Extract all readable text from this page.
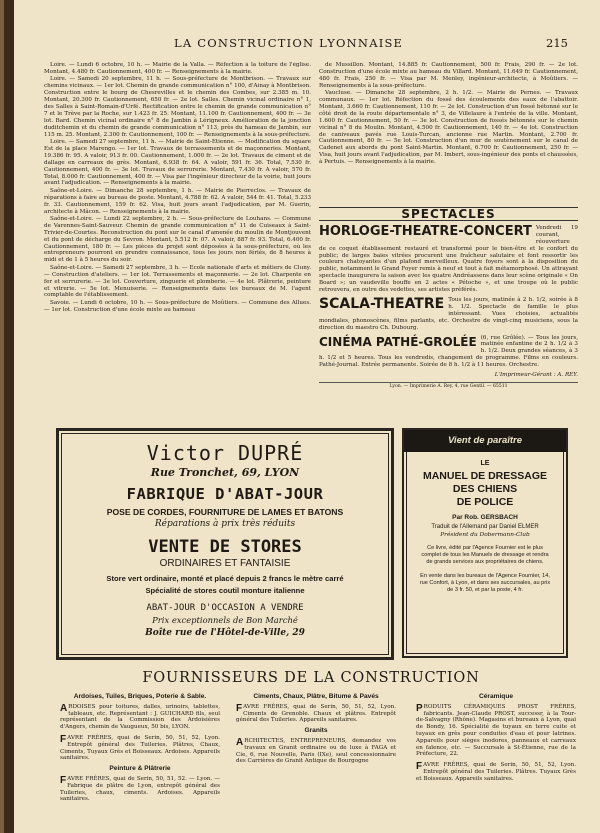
LA CONSTRUCTION LYONNAISE	215

Loire. — Lundi 6 octobre, 10 h. — Mairie de la Valla. — Réfection à la toiture de l'église. Montant, 4.480 fr. Cautionnement, 400 fr. — Renseignements à la mairie.

Loire. — Samedi 20 septembre, 11 h. — Sous-préfecture de Montbrison. — Travaux sur chemins vicinaux. — 1er lot. Chemin de grande communication n° 100, d'Ainay à Montbrison. Construction entre le bourg de Chesrevilles et le chemin des Combes, sur 2.385 m. 10. Montant, 20.300 fr. Cautionnement, 650 fr. — 2e lot. Salles. Chemin vicinal ordinaire n° 1, des Salles à Saint-Romain-d'Urfé. Rectification entre le chemin de grande communication n° 7 et le Trève par la Roche, sur 1.423 fr. 25. Montant, 11.100 fr. Cautionnement, 400 fr. — 3e lot. Bard. Chemin vicinal ordinaire n° 8 de Jambin à Lérigneux. Amélioration de la jonction duditchemin et du chemin de grande communication n° 113, près du hameau de Jambin, sur 115 m. 25. Montant, 2.300 fr. Cautionnement, 100 fr. — Renseignements à la sous-préfecture.

Loire. — Samedi 27 septembre, 11 h. — Mairie de Saint-Etienne. — Modification du square Est de la place Marengo. — 1er lot. Travaux de terrassements et de maçonneries. Montant, 19.386 fr. 95. A valoir, 913 fr. 00. Cautionnement, 1.000 fr. — 2e lot. Travaux de ciment et de dallage en carreaux de grès. Montant, 6.938 fr. 64. A valoir, 591 fr. 36. Total, 7.530 fr. Cautionnement, 400 fr. — 3e lot. Travaux de serrurerie. Montant, 7.430 fr. A valoir, 570 fr. Total, 8.000 fr. Cautionnement, 400 fr. — Visa par l'ingénieur directeur de la voirie, huit jours avant l'adjudication. — Renseignements à la mairie.

Saône-et-Loire. — Dimanche 28 septembre, 1 h. — Mairie de Pierreclos. — Travaux de réparations à faire au bureau de poste. Montant, 4.788 fr. 62. A valoir, 544 fr. 41. Total, 5.233 fr. 33. Cautionnement, 159 fr. 62. Visa, huit jours avant l'adjudication, par M. Guerin, architecte à Mâcon. — Renseignements à la mairie.

Saône-et-Loire. — Lundi 22 septembre, 2 h. — Sous-préfecture de Louhans. — Commune de Varennes-Saint-Sauveur. Chemin de grande communication n° 11 de Cuiseaux à Saint-Trivier-de-Courtes. Reconstruction du pont sur le canal d'amenée du moulin de Montjouvent et du pont de décharge du Sevron. Montant, 5.512 fr. 07. A valoir, 887 fr. 93. Total, 6.400 fr. Cautionnement, 180 fr. — Les pièces du projet sont déposées à la sous-préfecture, où les entrepreneurs pourront en prendre connaissance, tous les jours non fériés, de 8 heures à midi et de 1 à 5 heures du soir.

Saône-et-Loire. — Samedi 27 septembre, 3 h. — Ecole nationale d'arts et métiers de Cluny. — Construction d'ateliers. — 1er lot. Terrassements et maçonnerie. — 2e lot. Charpente en fer et serrurerie. — 3e lot. Couverture, zinguerie et plomberie. — 4e lot. Plâtrerie, peinture et vitrerie. — 5e lot. Menuiserie. — Renseignements dans les bureaux de M. l'agent comptable de l'établissement.

Savoie. — Lundi 6 octobre, 10 h. — Sous-préfecture de Moûtiers. — Commune des Allues. — 1er lot. Construction d'une école mixte au hameau

de Mussillon. Montant, 14.885 fr. Cautionnement, 500 fr. Frais, 290 fr. — 2e lot. Construction d'une école mixte au hameau du Villard. Montant, 11.649 fr. Cautionnement, 480 fr. Frais, 250 fr. — Visa par M. Menley, ingénieur-architecte, à Moûtiers. — Renseignements à la sous-préfecture.

Vaucluse. — Dimanche 28 septembre, 2 h. 1/2. — Mairie de Pernes. — Travaux communaux. — 1er lot. Réfection du fossé des écoulements des eaux de l'abattoir. Montant, 3.660 fr. Cautionnement, 110 fr. — 2e lot. Construction d'un fossé bétonné sur le côté droit de la route départementale n° 3, de Villelaure à l'entrée de la ville. Montant, 1.600 fr. Cautionnement, 50 fr. — 3e lot. Construction de fossés bétonnés sur le chemin vicinal n° 8 du Moulin. Montant, 4.500 fr. Cautionnement, 140 fr. — 4e lot. Construction de caniveaux pavés rue Louis-Turcan, ancienne rue Martin. Montant, 2.700 fr. Cautionnement, 80 fr. — 5e lot. Construction d'un mur de soutènement sur le canal de Cadenet aux abords du pont Saint-Martin. Montant, 6.700 fr. Cautionnement, 250 fr. — Visa, huit jours avant l'adjudication, par M. Imbert, sous-ingénieur des ponts et chaussées, à Pertuis. — Renseignements à la mairie.

SPECTACLES
HORLOGE-THEATRE-CONCERT Vendredi 19 courant, réouverture de ce coquet établissement restauré et transformé pour le bien-être et le confort du public; de larges baies vitrées procurent une fraîcheur salutaire et font ressortir les couleurs chatoyantes d'un plafond merveilleux. Quatre foyers sont à la disposition du public, notamment le Grand Foyer remis à neuf et tout à fait métamorphosé. Un attrayant spectacle inaugurera la saison avec les quatre Andréassens dans leur scène originale « On Board »; un vaudeville bouffe en 2 actes « Pétoche », et une troupe où le public retrouvera, en outre des vedettes, ses artistes préférés.
SCALA-THEATRE Tous les jours, matinée à 2 h. 1/2, soirée à 8 h. 1/2. Spectacle de famille le plus intéressant. Vues choisies, actualités mondiales, phonoscènes, films parlants, etc. Orchestre de vingt-cinq musiciens, sous la direction du maestro Ch. Dubourg.
CINÉMA PATHÉ-GROLÉE (6, rue Grôlée). — Tous les jours, matinée enfantine de 2 h. 1/2 à 3 h. 1/2. Deux grandes séances, à 3 h. 1/2 et 5 heures. Tous les vendredis, changement de programme. Films en couleurs. Pathé-Journal. Entrée permanente. Soirée de 8 h. 1/2 à 11 heures. Orchestre.
L'Imprimeur-Gérant : A. REY.
Lyon. — Imprimerie A. Rey, 4, rue Gentil. — 65511
Victor DUPRÉ
Rue Tronchet, 69, LYON
FABRIQUE D'ABAT-JOUR
POSE DE CORDES, FOURNITURE DE LAMES ET BATONS
Réparations à prix très réduits
VENTE DE STORES
ORDINAIRES ET FANTAISIE
Store vert ordinaire, monté et placé depuis 2 francs le mètre carré
Spécialité de stores coutil monture italienne
ABAT-JOUR D'OCCASION A VENDRE
Prix exceptionnels de Bon Marché
Boîte rue de l'Hôtel-de-Ville, 29
Vient de paraître
LE
MANUEL DE DRESSAGE
DES CHIENS
DE POLICE
Par Rob. GERSBACH
Traduit de l'Allemand par Daniel ELMER
Président du Dobermann-Club
Ce livre, édité par l'Agence Fournier est le plus complet de tous les Manuels de dressage et rendra de grands services aux propriétaires de chiens.
En vente dans les bureaux de l'Agence Fournier, 14, rue Confort, à Lyon, et dans ses succursales, au prix de 3 fr. 50, et par la poste, 4 fr.
FOURNISSEURS DE LA CONSTRUCTION
Ardoises, Tuiles, Briques, Poterie & Sable.
ARDOISES pour toitures, dalles, urinoirs, tablettes, tableaux, etc. Représentant : J. GUICHARD fils, seul représentant de la Commission des Ardoisières d'Angers, chemin de Vaugueux, 50 bis, LYON.
FAVRE FRÈRES, quai de Serin, 50, 51, 52, Lyon. Entrepôt général des Tuileries. Plâtres, Chaux, Ciments, Tuyaux Grès et Boisseaux. Ardoises. Appareils sanitaires.
Peinture & Plâtrerie
FAVRE FRÈRES, quai de Serin, 50, 51, 52. — Lyon. — Fabrique de plâtre de Lyon, entrepôt général des Tuileries, chaux, ciments. Ardoises. Appareils sanitaires.
Ciments, Chaux, Plâtre, Bitume & Pavés
FAVRE FRÈRES, quai de Serin, 50, 51, 52, Lyon. Ciments de Grenoble. Chaux et plâtres. Entrepôt général des Tuileries. Appareils sanitaires.
Granits
ARCHITECTES, ENTREPRENEURS, demandez vos travaux en Granit ordinaire ou de luxe à FAGA et Cie, 6, rue Nouvelle, Paris (IXe), seul concessionnaire des Carrières de Granit Antique de Bourgogne
Céramique
PRODUITS CÉRAMIQUES PROST FRÈRES, fabricants. Jean-Claude PROST, successr, à la Tour-de-Salvagny (Rhône). Magasins et bureaux à Lyon, quai de Bondy, 16. Spécialité de tuyaux en terre cuite et tuyaux en grès pour conduites d'eau et pour latrines. Appareils pour sièges inodores, panneaux et carreaux en faïence, etc. — Succursale à St-Étienne, rue de la Préfecture, 22.
FAVRE FRÈRES, quai de Serin, 50, 51, 52, Lyon. Entrepôt général des Tuileries. Plâtres. Tuyaux Grès et Boisseaux. Appareils sanitaires.
